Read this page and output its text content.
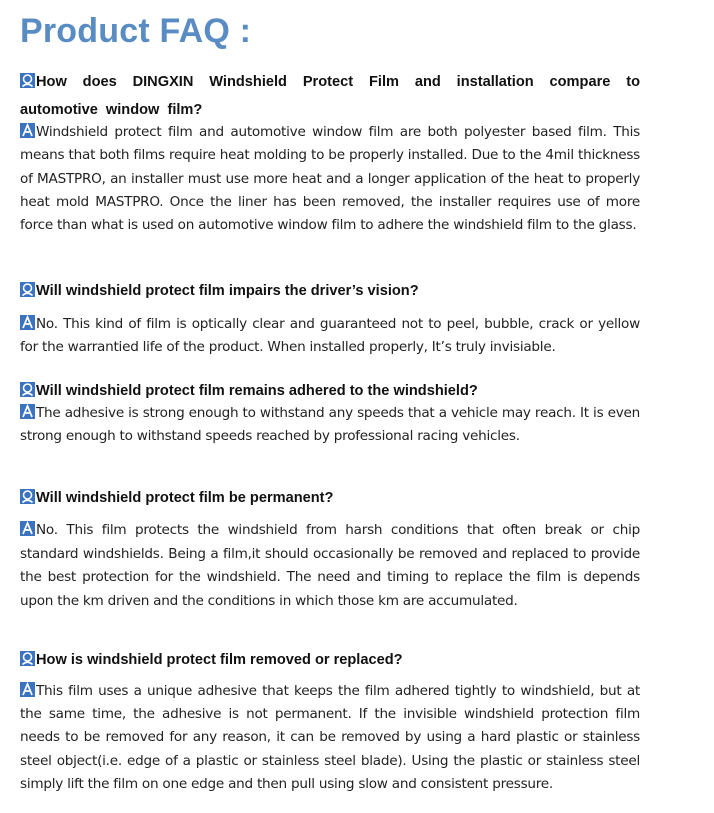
Product FAQ :

How does DINGXIN Windshield Protect Film and installation compare to automotive window film?

Windshield protect film and automotive window film are both polyester based film. This means that both films require heat molding to be properly installed. Due to the 4mil thickness of MASTPRO, an installer must use more heat and a longer application of the heat to properly heat mold MASTPRO. Once the liner has been removed, the installer requires use of more force than what is used on automotive window film to adhere the windshield film to the glass.

Will windshield protect film impairs the driver’s vision?

No. This kind of film is optically clear and guaranteed not to peel, bubble, crack or yellow for the warrantied life of the product. When installed properly, It’s truly invisiable.

Will windshield protect film remains adhered to the windshield?

The adhesive is strong enough to withstand any speeds that a vehicle may reach. It is even strong enough to withstand speeds reached by professional racing vehicles.

Will windshield protect film be permanent?

No. This film protects the windshield from harsh conditions that often break or chip standard windshields. Being a film,it should occasionally be removed and replaced to provide the best protection for the windshield. The need and timing to replace the film is depends upon the km driven and the conditions in which those km are accumulated.

How is windshield protect film removed or replaced?

This film uses a unique adhesive that keeps the film adhered tightly to windshield, but at the same time, the adhesive is not permanent. If the invisible windshield protection film needs to be removed for any reason, it can be removed by using a hard plastic or stainless steel object(i.e. edge of a plastic or stainless steel blade). Using the plastic or stainless steel simply lift the film on one edge and then pull using slow and consistent pressure.
